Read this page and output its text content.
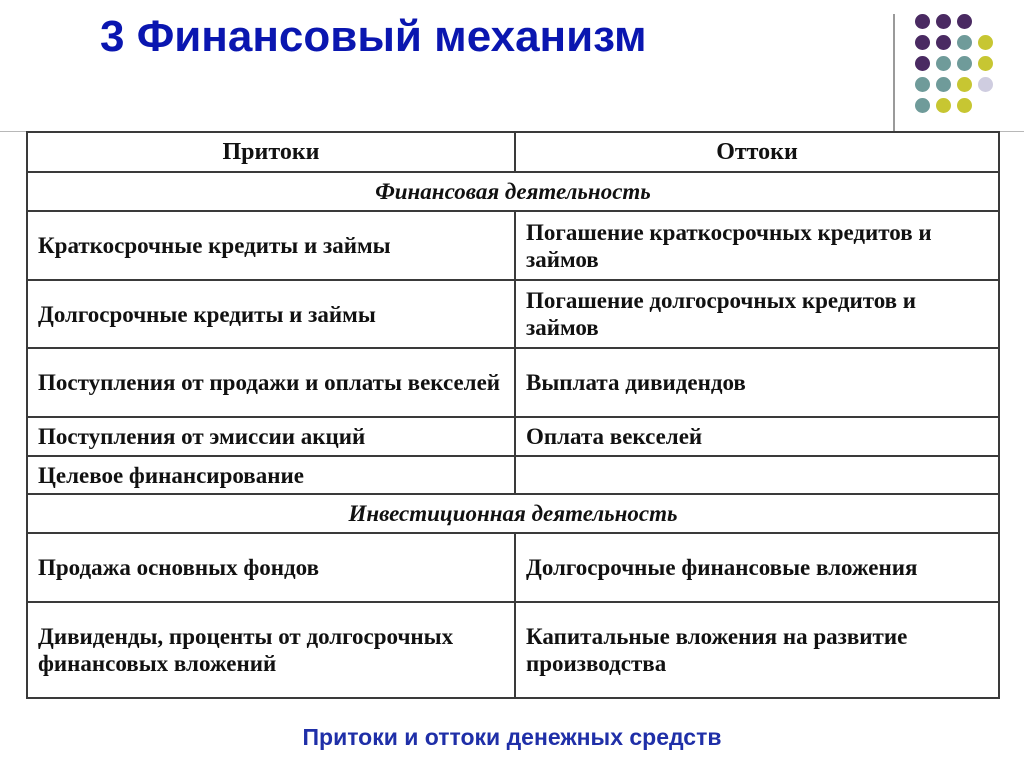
3 Финансовый механизм
Притоки	Оттоки
Финансовая деятельность	
Краткосрочные кредиты и займы	Погашение краткосрочных кредитов и займов
Долгосрочные кредиты и займы	Погашение долгосрочных кредитов и займов
Поступления от продажи и оплаты векселей	Выплата дивидендов
Поступления от эмиссии акций	Оплата векселей
Целевое финансирование	
Инвестиционная деятельность	
Продажа основных фондов	Долгосрочные финансовые вложения
Дивиденды, проценты от долгосрочных финансовых вложений	Капитальные вложения на развитие производства
Притоки и оттоки денежных средств
